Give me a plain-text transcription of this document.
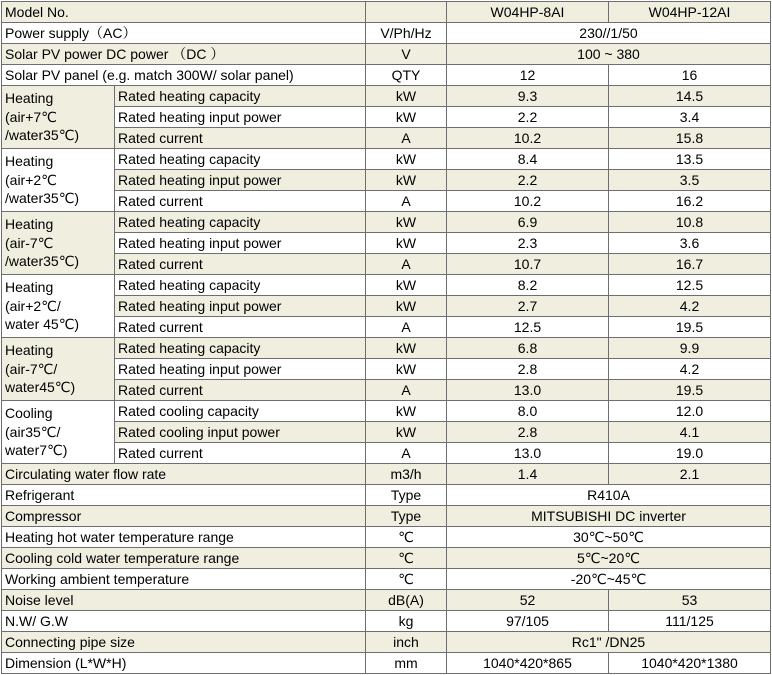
Model No.			W04HP-8AI	W04HP-12AI
Power supply（AC）		V/Ph/Hz	230//1/50	
Solar PV power DC power （DC ）		V	100 ~ 380	
Solar PV panel (e.g. match 300W/ solar panel)		QTY	12	16

Heating
(air+7℃
/water35℃)	Rated heating capacity	kW	9.3	14.5
	Rated heating input power	kW	2.2	3.4
	Rated current	A	10.2	15.8

Heating
(air+2℃
/water35℃)	Rated heating capacity	kW	8.4	13.5
	Rated heating input power	kW	2.2	3.5
	Rated current	A	10.2	16.2

Heating
(air-7℃
/water35℃)	Rated heating capacity	kW	6.9	10.8
	Rated heating input power	kW	2.3	3.6
	Rated current	A	10.7	16.7

Heating
(air+2℃/
water 45℃)	Rated heating capacity	kW	8.2	12.5
	Rated heating input power	kW	2.7	4.2
	Rated current	A	12.5	19.5

Heating
(air-7℃/
water45℃)	Rated heating capacity	kW	6.8	9.9
	Rated heating input power	kW	2.8	4.2
	Rated current	A	13.0	19.5

Cooling
(air35℃/
water7℃)	Rated cooling capacity	kW	8.0	12.0
	Rated cooling input power	kW	2.8	4.1
	Rated current	A	13.0	19.0
Circulating water flow rate		m3/h	1.4	2.1
Refrigerant		Type	R410A	
Compressor		Type	MITSUBISHI DC inverter	
Heating hot water temperature range		℃	30℃~50℃	
Cooling cold water temperature range		℃	5℃~20℃	
Working ambient temperature		℃	-20℃~45℃	
Noise level		dB(A)	52	53
N.W/ G.W		kg	97/105	111/125
Connecting pipe size		inch	Rc1" /DN25	
Dimension (L*W*H)		mm	1040*420*865	1040*420*1380
